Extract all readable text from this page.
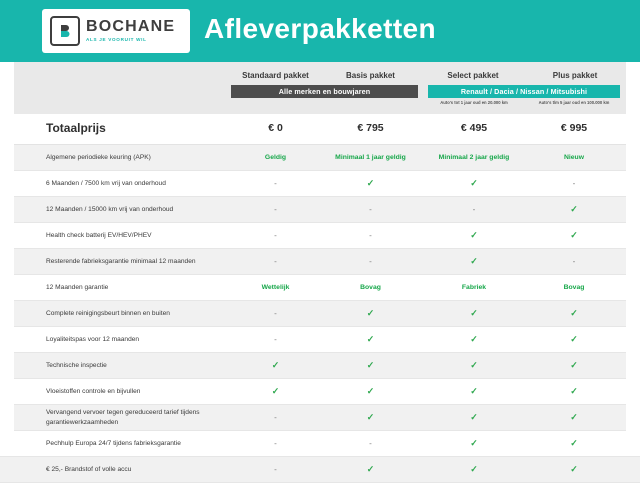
BOCHANE
ALS JE VOORUIT WIL	Afleverpakketten
Standaard pakket	Basis pakket	Select pakket	Plus pakket
Alle merken en bouwjaren	Renault / Dacia / Nissan / Mitsubishi
Auto's tot 1 jaar oud en 20.000 km	Auto's t/m 5 jaar oud en 100.000 km
Totaalprijs	€ 0	€ 795	€ 495	€ 995
Algemene periodieke keuring (APK)	Geldig	Minimaal 1 jaar geldig	Minimaal 2 jaar geldig	Nieuw
6 Maanden / 7500 km vrij van onderhoud	-	✓	✓	-
12 Maanden / 15000 km vrij van onderhoud	-	-	-	✓
Health check batterij EV/HEV/PHEV	-	-	✓	✓
Resterende fabrieksgarantie minimaal 12 maanden	-	-	✓	-
12 Maanden garantie	Wettelijk	Bovag	Fabriek	Bovag
Complete reinigingsbeurt binnen en buiten	-	✓	✓	✓
Loyaliteitspas voor 12 maanden	-	✓	✓	✓
Technische inspectie	✓	✓	✓	✓
Vloeistoffen controle en bijvullen	✓	✓	✓	✓
Vervangend vervoer tegen gereduceerd tarief tijdens garantiewerkzaamheden	-	✓	✓	✓
Pechhulp Europa 24/7 tijdens fabrieksgarantie	-	-	✓	✓
€ 25,- Brandstof of volle accu	-	✓	✓	✓
